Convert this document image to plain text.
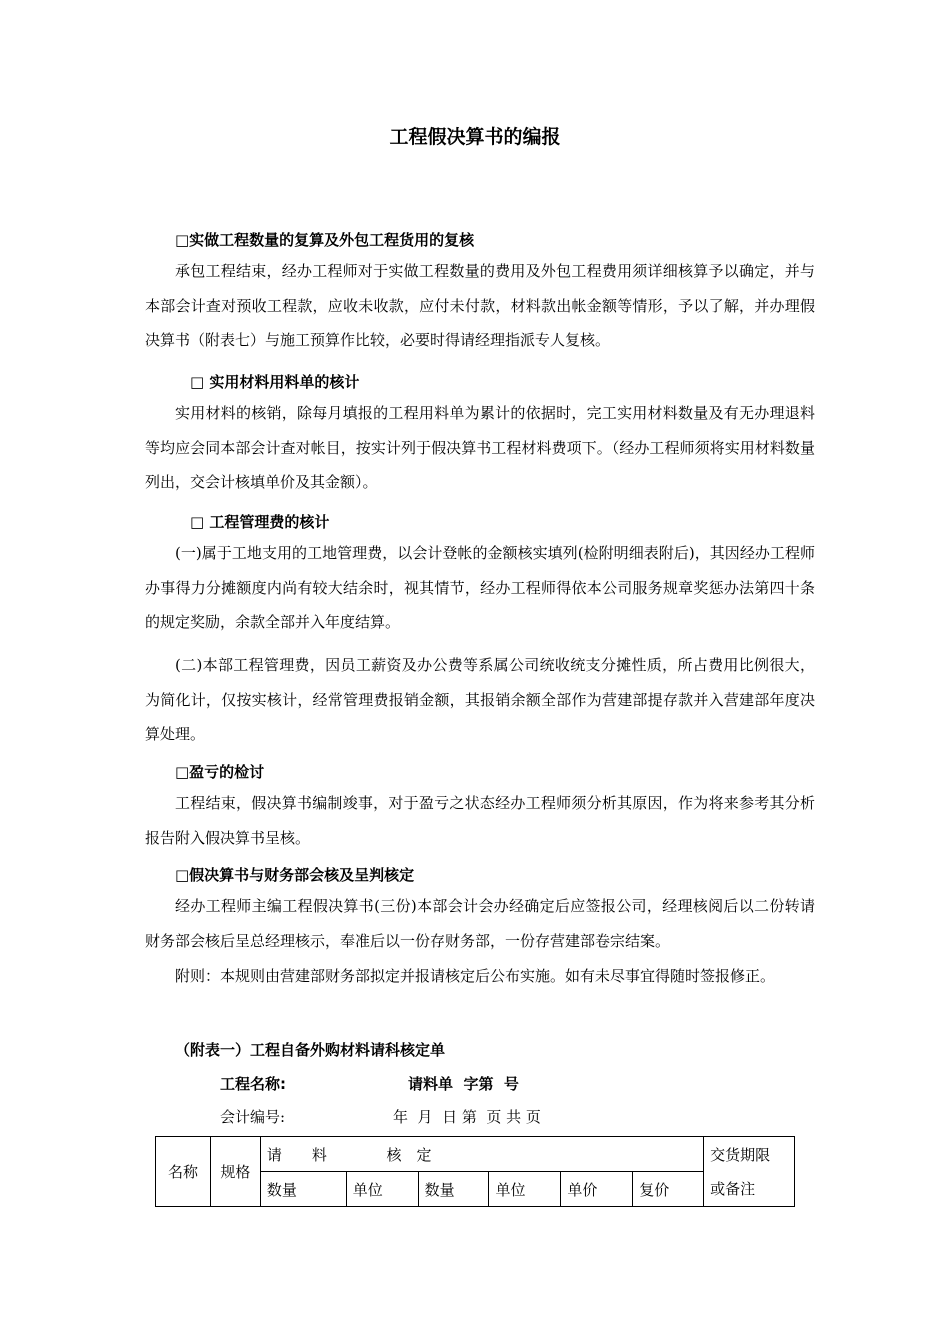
工程假决算书的编报
□实做工程数量的复算及外包工程货用的复核

承包工程结束，经办工程师对于实做工程数量的费用及外包工程费用须详细核算予以确定，并与本部会计查对预收工程款，应收未收款，应付未付款，材料款出帐金额等情形，予以了解，并办理假决算书（附表七）与施工预算作比较，必要时得请经理指派专人复核。

□ 实用材料用料单的核计

实用材料的核销，除每月填报的工程用料单为累计的依据时，完工实用材料数量及有无办理退料等均应会同本部会计查对帐目，按实计列于假决算书工程材料费项下。（经办工程师须将实用材料数量列出，交会计核填单价及其金额）。

□ 工程管理费的核计

(一)属于工地支用的工地管理费，以会计登帐的金额核实填列(检附明细表附后)，其因经办工程师办事得力分摊额度内尚有较大结余时，视其情节，经办工程师得依本公司服务规章奖惩办法第四十条的规定奖励，余款全部并入年度结算。

(二)本部工程管理费，因员工薪资及办公费等系属公司统收统支分摊性质，所占费用比例很大，为简化计，仅按实核计，经常管理费报销金额，其报销余额全部作为营建部提存款并入营建部年度决算处理。

□盈亏的检讨

工程结束，假决算书编制竣事，对于盈亏之状态经办工程师须分析其原因，作为将来参考其分析报告附入假决算书呈核。

□假决算书与财务部会核及呈判核定

经办工程师主编工程假决算书(三份)本部会计会办经确定后应签报公司，经理核阅后以二份转请财务部会核后呈总经理核示，奉准后以一份存财务部，一份存营建部卷宗结案。

附则：本规则由营建部财务部拟定并报请核定后公布实施。如有未尽事宜得随时签报修正。

（附表一）工程自备外购材料请科核定单
工程名称:	请料单  字第  号
会计编号:	年  月  日 第  页 共 页
名称	规格	请　　料 核　定						交货期限
		数量	单位	数量	单位	单价	复价	或备注
